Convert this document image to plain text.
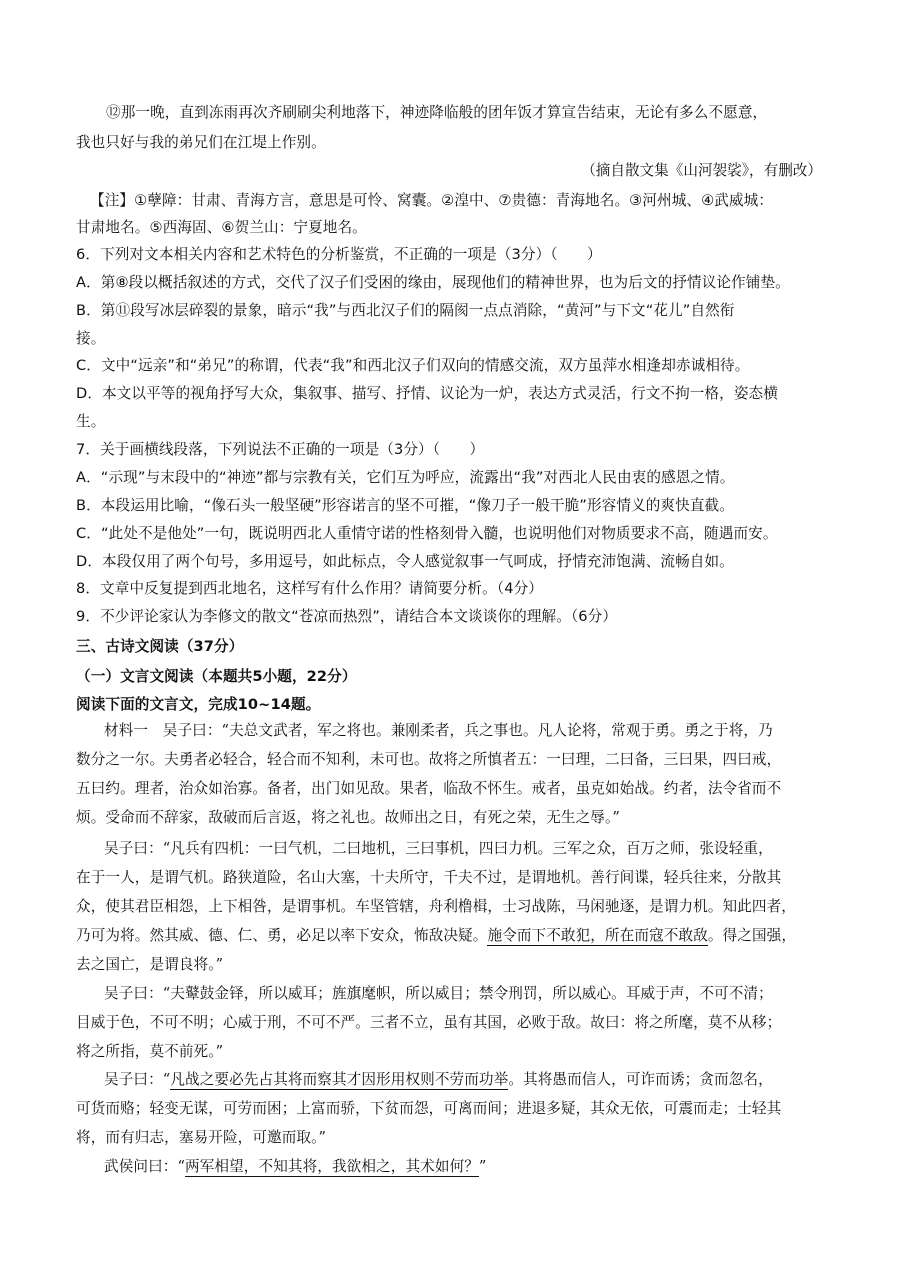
⑫那一晚，直到冻雨再次齐刷刷尖利地落下，神迹降临般的团年饭才算宣告结束，无论有多么不愿意，
我也只好与我的弟兄们在江堤上作别。
（摘自散文集《山河袈裟》，有删改）
【注】①孽障：甘肃、青海方言，意思是可怜、窝囊。②湟中、⑦贵德：青海地名。③河州城、④武威城：
甘肃地名。⑤西海固、⑥贺兰山：宁夏地名。
6．下列对文本相关内容和艺术特色的分析鉴赏，不正确的一项是（3分）（　　）
A．第⑧段以概括叙述的方式，交代了汉子们受困的缘由，展现他们的精神世界，也为后文的抒情议论作铺垫。
B．第⑪段写冰层碎裂的景象，暗示“我”与西北汉子们的隔阂一点点消除，“黄河”与下文“花儿”自然衔
接。
C．文中“远亲”和“弟兄”的称谓，代表“我”和西北汉子们双向的情感交流，双方虽萍水相逢却赤诚相待。
D．本文以平等的视角抒写大众，集叙事、描写、抒情、议论为一炉，表达方式灵活，行文不拘一格，姿态横
生。
7．关于画横线段落，下列说法不正确的一项是（3分）（　　）
A．“示现”与末段中的“神迹”都与宗教有关，它们互为呼应，流露出“我”对西北人民由衷的感恩之情。
B．本段运用比喻，“像石头一般坚硬”形容诺言的坚不可摧，“像刀子一般干脆”形容情义的爽快直截。
C．“此处不是他处”一句，既说明西北人重情守诺的性格刻骨入髓，也说明他们对物质要求不高，随遇而安。
D．本段仅用了两个句号，多用逗号，如此标点，令人感觉叙事一气呵成，抒情充沛饱满、流畅自如。
8．文章中反复提到西北地名，这样写有什么作用？请简要分析。（4分）
9．不少评论家认为李修文的散文“苍凉而热烈”，请结合本文谈谈你的理解。（6分）
三、古诗文阅读（37分）
（一）文言文阅读（本题共5小题，22分）
阅读下面的文言文，完成10~14题。
材料一　吴子曰：“夫总文武者，军之将也。兼刚柔者，兵之事也。凡人论将，常观于勇。勇之于将，乃
数分之一尔。夫勇者必轻合，轻合而不知利，未可也。故将之所慎者五：一曰理，二曰备，三曰果，四曰戒，
五曰约。理者，治众如治寡。备者，出门如见敌。果者，临敌不怀生。戒者，虽克如始战。约者，法令省而不
烦。受命而不辞家，敌破而后言返，将之礼也。故师出之日，有死之荣，无生之辱。”
吴子曰：“凡兵有四机：一曰气机，二曰地机，三曰事机，四曰力机。三军之众，百万之师，张设轻重，
在于一人，是谓气机。路狭道险，名山大塞，十夫所守，千夫不过，是谓地机。善行间谍，轻兵往来，分散其
众，使其君臣相怨，上下相咎，是谓事机。车坚管辖，舟利橹楫，士习战陈，马闲驰逐，是谓力机。知此四者，
乃可为将。然其威、德、仁、勇，必足以率下安众，怖敌决疑。施令而下不敢犯，所在而寇不敢敌。得之国强，
去之国亡，是谓良将。”
吴子曰：“夫鼙鼓金铎，所以威耳；旌旗麾帜，所以威目；禁令刑罚，所以威心。耳威于声，不可不清；
目威于色，不可不明；心威于刑，不可不严。三者不立，虽有其国，必败于敌。故曰：将之所麾，莫不从移；
将之所指，莫不前死。”
吴子曰：“凡战之要必先占其将而察其才因形用权则不劳而功举。其将愚而信人，可诈而诱；贪而忽名，
可货而赂；轻变无谋，可劳而困；上富而骄，下贫而怨，可离而间；进退多疑，其众无依，可震而走；士轻其
将，而有归志，塞易开险，可邀而取。”
武侯问曰：“两军相望，不知其将，我欲相之，其术如何？”
